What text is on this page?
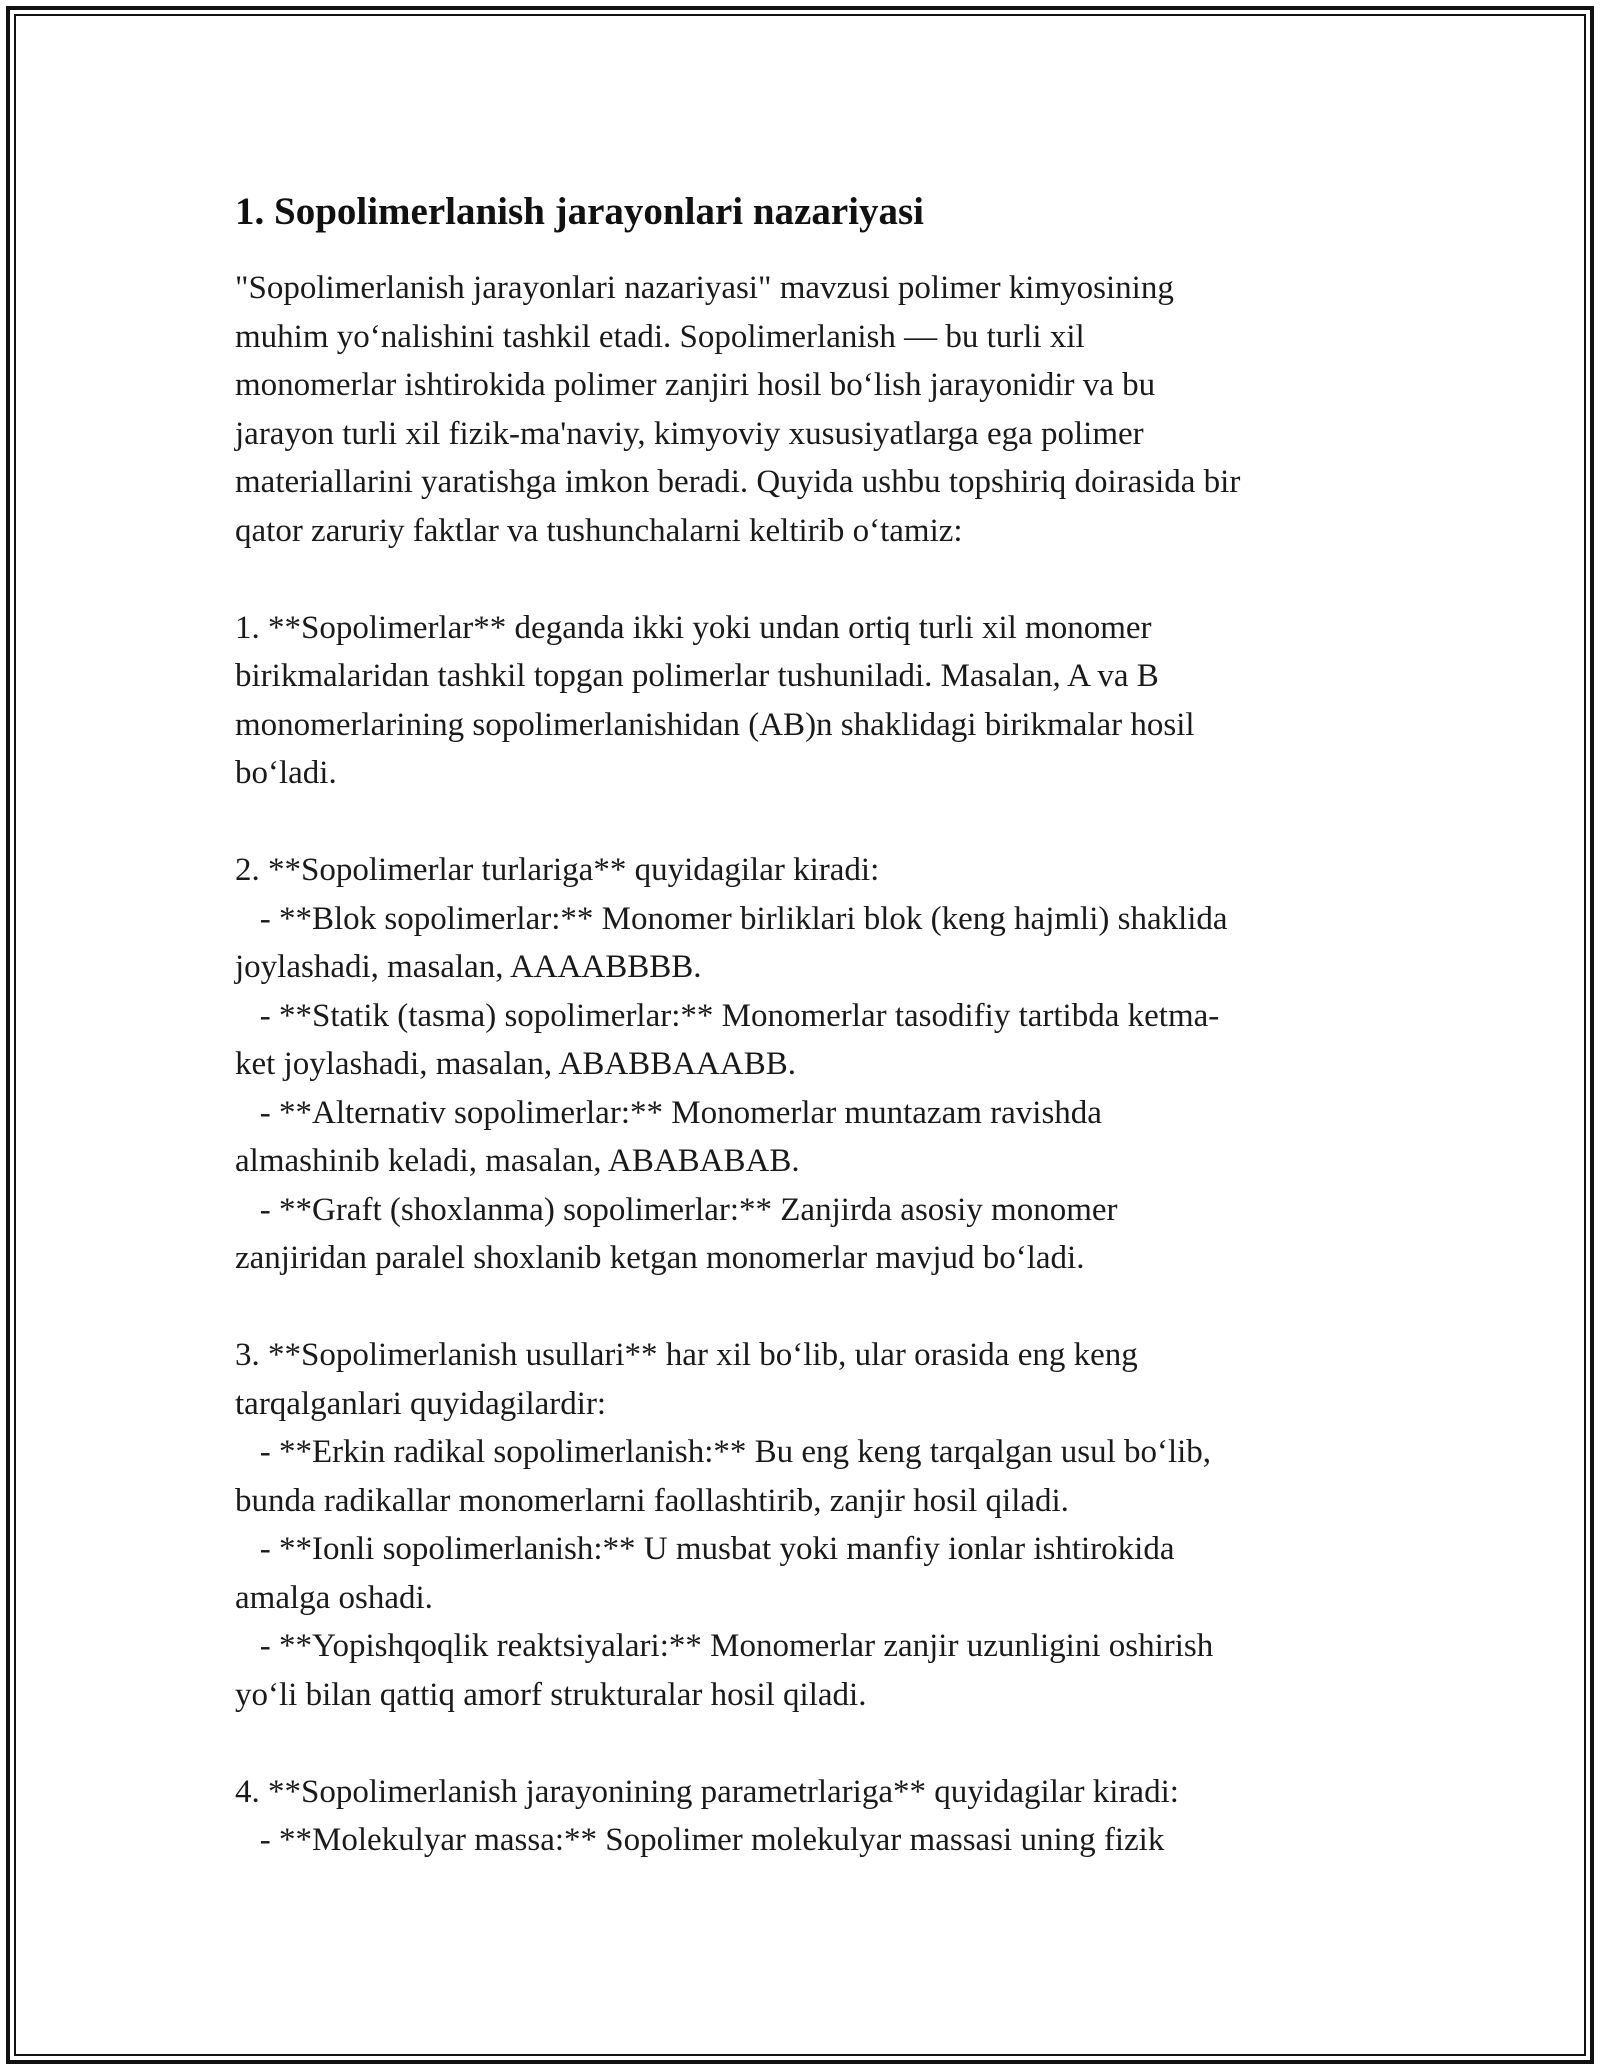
1. Sopolimerlanish jarayonlari nazariyasi
"Sopolimerlanish jarayonlari nazariyasi" mavzusi polimer kimyosining
muhim yo‘nalishini tashkil etadi. Sopolimerlanish — bu turli xil
monomerlar ishtirokida polimer zanjiri hosil bo‘lish jarayonidir va bu
jarayon turli xil fizik-ma'naviy, kimyoviy xususiyatlarga ega polimer
materiallarini yaratishga imkon beradi. Quyida ushbu topshiriq doirasida bir
qator zaruriy faktlar va tushunchalarni keltirib o‘tamiz:

1. **Sopolimerlar** deganda ikki yoki undan ortiq turli xil monomer
birikmalaridan tashkil topgan polimerlar tushuniladi. Masalan, A va B
monomerlarining sopolimerlanishidan (AB)n shaklidagi birikmalar hosil
bo‘ladi.

2. **Sopolimerlar turlariga** quyidagilar kiradi:
- **Blok sopolimerlar:** Monomer birliklari blok (keng hajmli) shaklida
joylashadi, masalan, AAAABBBB.
- **Statik (tasma) sopolimerlar:** Monomerlar tasodifiy tartibda ketma-
ket joylashadi, masalan, ABABBAAABB.
- **Alternativ sopolimerlar:** Monomerlar muntazam ravishda
almashinib keladi, masalan, ABABABAB.
- **Graft (shoxlanma) sopolimerlar:** Zanjirda asosiy monomer
zanjiridan paralel shoxlanib ketgan monomerlar mavjud bo‘ladi.

3. **Sopolimerlanish usullari** har xil bo‘lib, ular orasida eng keng
tarqalganlari quyidagilardir:
- **Erkin radikal sopolimerlanish:** Bu eng keng tarqalgan usul bo‘lib,
bunda radikallar monomerlarni faollashtirib, zanjir hosil qiladi.
- **Ionli sopolimerlanish:** U musbat yoki manfiy ionlar ishtirokida
amalga oshadi.
- **Yopishqoqlik reaktsiyalari:** Monomerlar zanjir uzunligini oshirish
yo‘li bilan qattiq amorf strukturalar hosil qiladi.

4. **Sopolimerlanish jarayonining parametrlariga** quyidagilar kiradi:
- **Molekulyar massa:** Sopolimer molekulyar massasi uning fizik
